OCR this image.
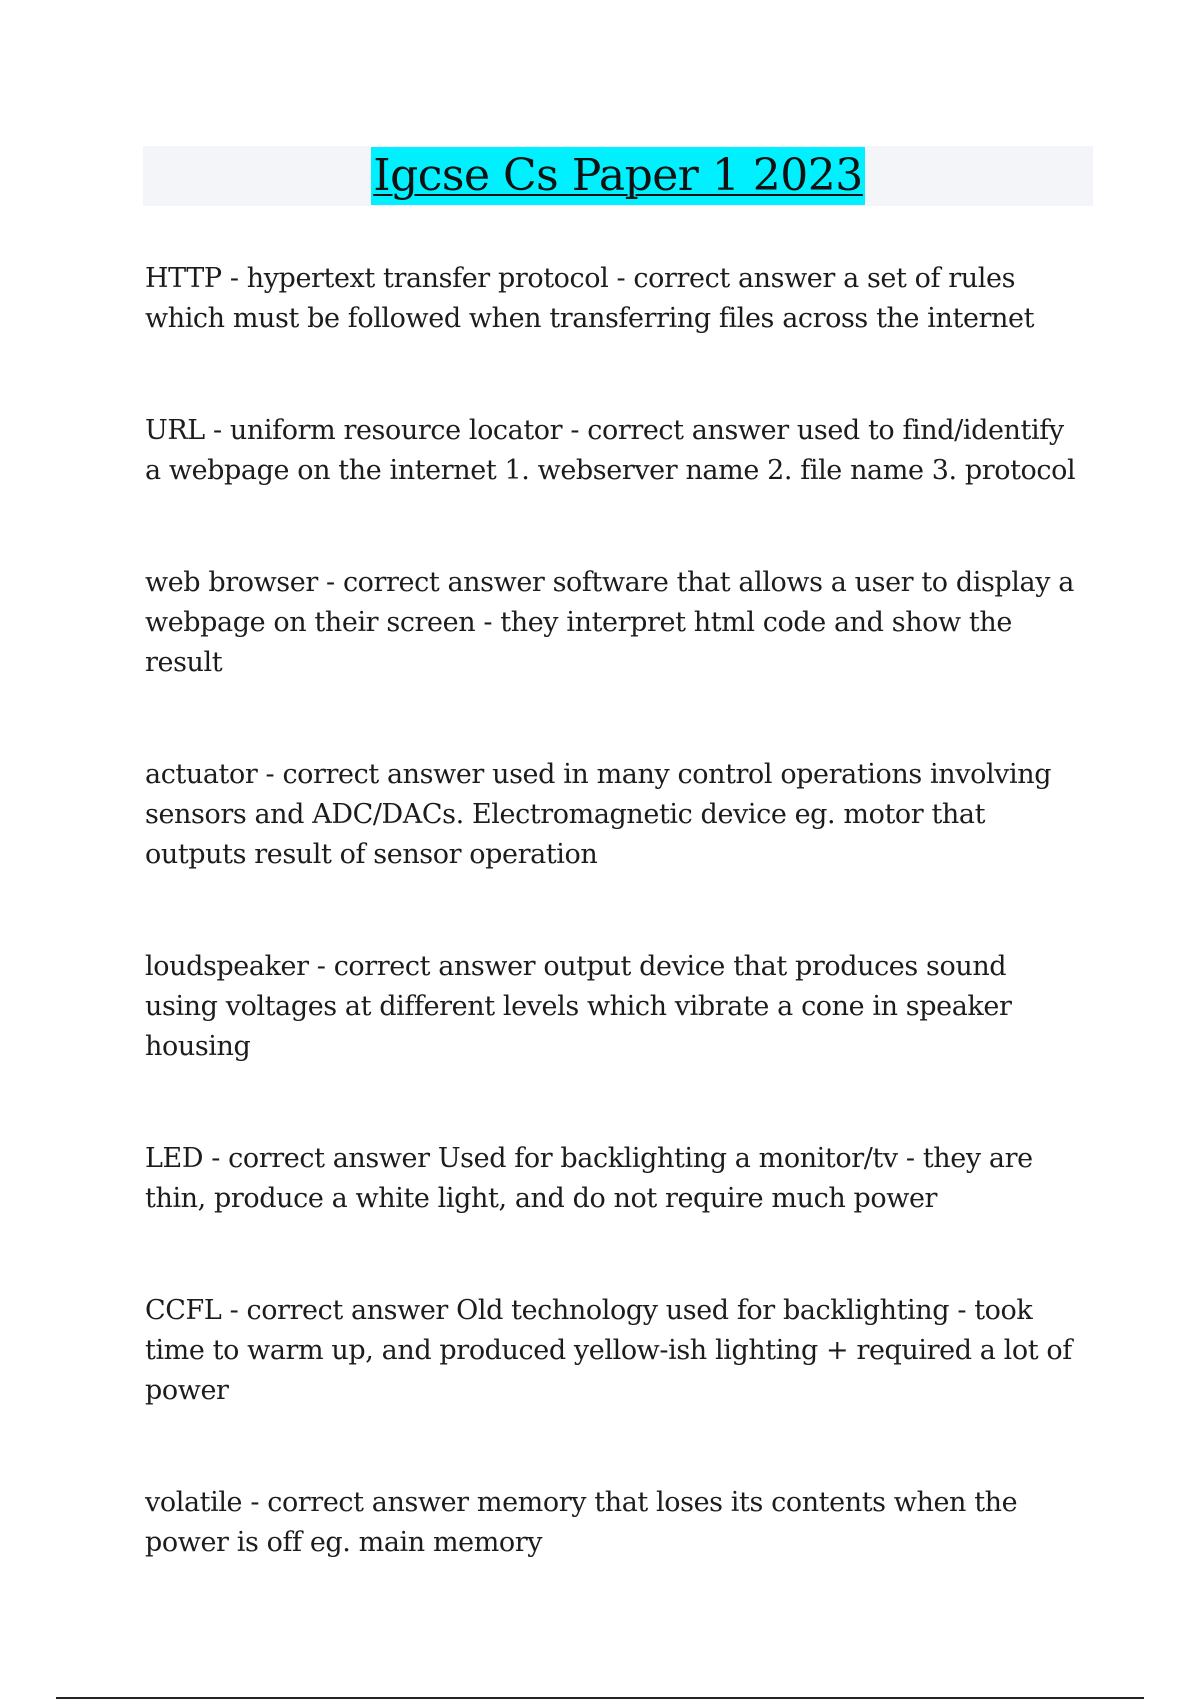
Igcse Cs Paper 1 2023

HTTP - hypertext transfer protocol - correct answer a set of rules which must be followed when transferring files across the internet

URL - uniform resource locator - correct answer used to find/identify a webpage on the internet 1. webserver name 2. file name 3. protocol

web browser - correct answer software that allows a user to display a webpage on their screen - they interpret html code and show the result

actuator - correct answer used in many control operations involving sensors and ADC/DACs. Electromagnetic device eg. motor that outputs result of sensor operation

loudspeaker - correct answer output device that produces sound using voltages at different levels which vibrate a cone in speaker housing

LED - correct answer Used for backlighting a monitor/tv - they are thin, produce a white light, and do not require much power

CCFL - correct answer Old technology used for backlighting - took time to warm up, and produced yellow-ish lighting + required a lot of power

volatile - correct answer memory that loses its contents when the power is off eg. main memory
